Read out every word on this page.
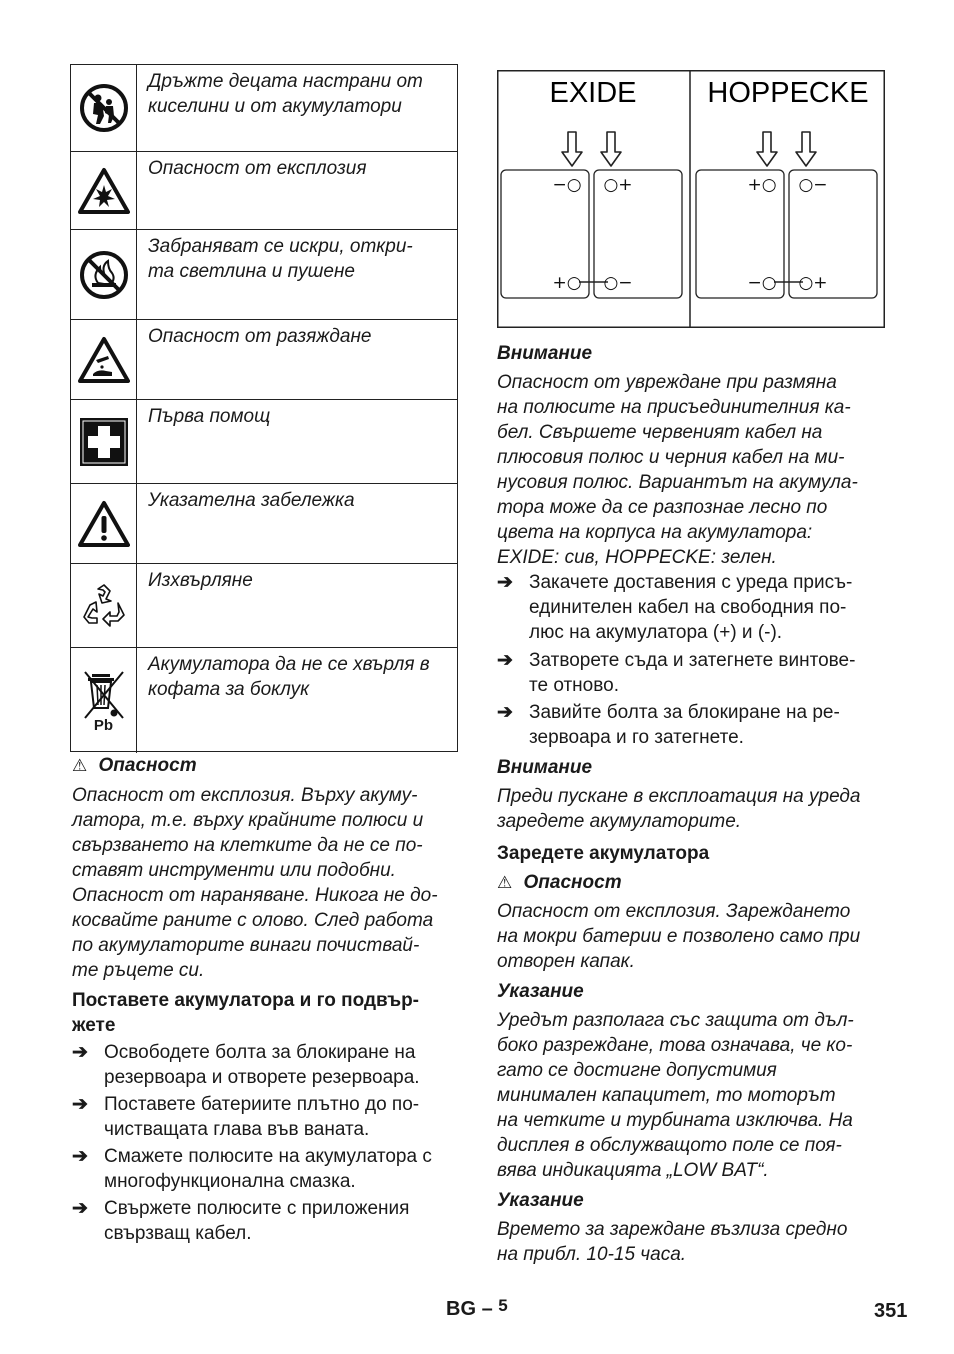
Дръжте децата настрани от
киселини и от акумулатори
Опасност от експлозия
Забраняват се искри, откри-
та светлина и пушене
Опасност от разяждане
Първа помощ
Указателна забележка
Изхвърляне
Pb
Акумулатора да не се хвърля в
кофата за боклук
⚠ Опасност
Опасност от експлозия. Върху акуму-
латора, т.е. върху крайните полюси и
свързването на клетките да не се по-
ставят инструменти или подобни.
Опасност от нараняване. Никога не до-
косвайте раните с олово. След работа
по акумулаторите винаги почиствай-
те ръцете си.
Поставете акумулатора и го подвър-
жете
➔ Освободете болта за блокиране на
резервоара и отворете резервоара.
➔ Поставете батериите плътно до по-
чистващата глава във ваната.
➔ Смажете полюсите на акумулатора с
многофункционална смазка.
➔ Свържете полюсите с приложения
свързващ кабел.
EXIDE HOPPECKE
−○ ○+
+○ ○−
+○ ○−
−○ ○+
Внимание
Опасност от увреждане при размяна
на полюсите на присъединителния ка-
бел. Свършете червеният кабел на
плюсовия полюс и черния кабел на ми-
нусовия полюс. Вариантът на акумула-
тора може да се разпознае лесно по
цвета на корпуса на акумулатора:
EXIDE: сив, HOPPECKE: зелен.
➔ Закачете доставения с уреда присъ-
единителен кабел на свободния по-
люс на акумулатора (+) и (-).
➔ Затворете съда и затегнете винтове-
те отново.
➔ Завийте болта за блокиране на ре-
зервоара и го затегнете.
Внимание
Преди пускане в експлоатация на уреда
заредете акумулаторите.
Заредете акумулатора
⚠ Опасност
Опасност от експлозия. Зареждането
на мокри батерии е позволено само при
отворен капак.
Указание
Уредът разполага със защита от дъл-
боко разреждане, това означава, че ко-
гато се достигне допустимия
минимален капацитет, то моторът
на четките и турбината изключва. На
дисплея в обслужващото поле се поя-
вява индикацията „LOW BAT“.
Указание
Времето за зареждане възлиза средно
на прибл. 10-15 часа.
BG – $^5$	351
